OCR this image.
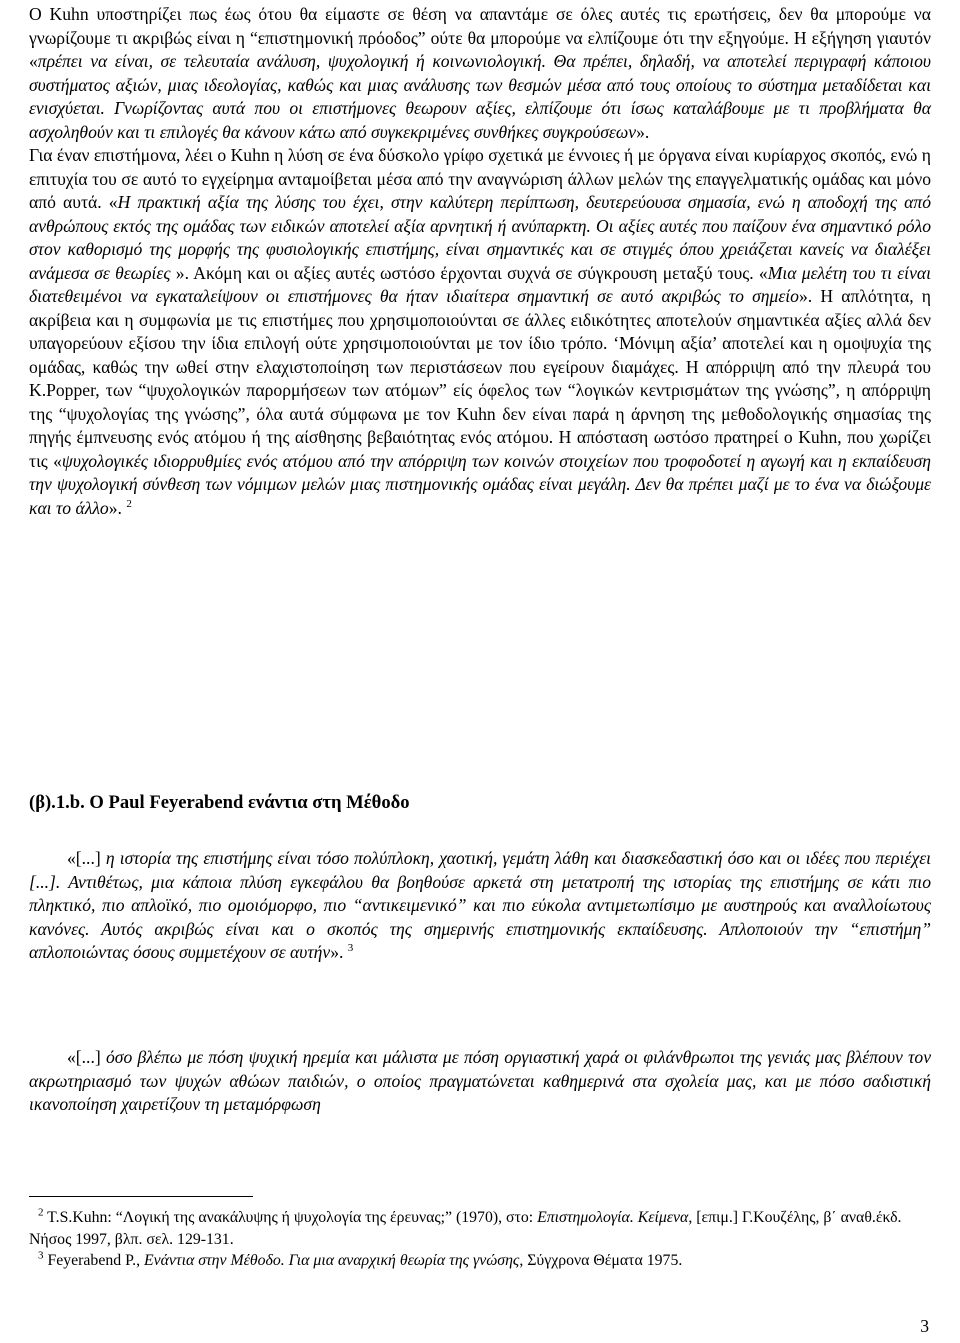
Ο Kuhn υποστηρίζει πως έως ότου θα είμαστε σε θέση να απαντάμε σε όλες αυτές τις ερωτήσεις, δεν θα μπορούμε να γνωρίζουμε τι ακριβώς είναι η “επιστημονική πρόοδος” ούτε θα μπορούμε να ελπίζουμε ότι την εξηγούμε. Η εξήγηση γιαυτόν «πρέπει να είναι, σε τελευταία ανάλυση, ψυχολογική ή κοινωνιολογική. Θα πρέπει, δηλαδή, να αποτελεί περιγραφή κάποιου συστήματος αξιών, μιας ιδεολογίας, καθώς και μιας ανάλυσης των θεσμών μέσα από τους οποίους το σύστημα μεταδίδεται και ενισχύεται. Γνωρίζοντας αυτά που οι επιστήμονες θεωρουν αξίες, ελπίζουμε ότι ίσως καταλάβουμε με τι προβλήματα θα ασχοληθούν και τι επιλογές θα κάνουν κάτω από συγκεκριμένες συνθήκες συγκρούσεων».

Για έναν επιστήμονα, λέει ο Kuhn η λύση σε ένα δύσκολο γρίφο σχετικά με έννοιες ή με όργανα είναι κυρίαρχος σκοπός, ενώ η επιτυχία του σε αυτό το εγχείρημα ανταμοίβεται μέσα από την αναγνώριση άλλων μελών της επαγγελματικής ομάδας και μόνο από αυτά. «Η πρακτική αξία της λύσης του έχει, στην καλύτερη περίπτωση, δευτερεύουσα σημασία, ενώ η αποδοχή της από ανθρώπους εκτός της ομάδας των ειδικών αποτελεί αξία αρνητική ή ανύπαρκτη. Οι αξίες αυτές που παίζουν ένα σημαντικό ρόλο στον καθορισμό της μορφής της φυσιολογικής επιστήμης, είναι σημαντικές και σε στιγμές όπου χρειάζεται κανείς να διαλέξει ανάμεσα σε θεωρίες ». Ακόμη και οι αξίες αυτές ωστόσο έρχονται συχνά σε σύγκρουση μεταξύ τους. «Μια μελέτη του τι είναι διατεθειμένοι να εγκαταλείψουν οι επιστήμονες θα ήταν ιδιαίτερα σημαντική σε αυτό ακριβώς το σημείο». Η απλότητα, η ακρίβεια και η συμφωνία με τις επιστήμες που χρησιμοποιούνται σε άλλες ειδικότητες αποτελούν σημαντικέα αξίες αλλά δεν υπαγορεύουν εξίσου την ίδια επιλογή ούτε χρησιμοποιούνται με τον ίδιο τρόπο. ‘Μόνιμη αξία’ αποτελεί και η ομοψυχία της ομάδας, καθώς την ωθεί στην ελαχιστοποίηση των περιστάσεων που εγείρουν διαμάχες. Η απόρριψη από την πλευρά του K.Popper, των “ψυχολογικών παρορμήσεων των ατόμων” είς όφελος των “λογικών κεντρισμάτων της γνώσης”, η απόρριψη της “ψυχολογίας της γνώσης”, όλα αυτά σύμφωνα με τον Kuhn δεν είναι παρά η άρνηση της μεθοδολογικής σημασίας της πηγής έμπνευσης ενός ατόμου ή της αίσθησης βεβαιότητας ενός ατόμου. Η απόσταση ωστόσο πρατηρεί ο Kuhn, που χωρίζει τις «ψυχολογικές ιδιορρυθμίες ενός ατόμου από την απόρριψη των κοινών στοιχείων που τροφοδοτεί η αγωγή και η εκπαίδευση την ψυχολογική σύνθεση των νόμιμων μελών μιας πιστημονικής ομάδας είναι μεγάλη. Δεν θα πρέπει μαζί με το ένα να διώξουμε και το άλλο». $^2$

(β).1.b. Ο Paul Feyerabend ενάντια στη Μέθοδο

«[...] η ιστορία της επιστήμης είναι τόσο πολύπλοκη, χαοτική, γεμάτη λάθη και διασκεδαστική όσο και οι ιδέες που περιέχει [...]. Αντιθέτως, μια κάποια πλύση εγκεφάλου θα βοηθούσε αρκετά στη μετατροπή της ιστορίας της επιστήμης σε κάτι πιο πληκτικό, πιο απλοϊκό, πιο ομοιόμορφο, πιο “αντικειμενικό” και πιο εύκολα αντιμετωπίσιμο με αυστηρούς και αναλλοίωτους κανόνες. Αυτός ακριβώς είναι και ο σκοπός της σημερινής επιστημονικής εκπαίδευσης. Απλοποιούν την “επιστήμη” απλοποιώντας όσους συμμετέχουν σε αυτήν». $^3$

«[...] όσο βλέπω με πόση ψυχική ηρεμία και μάλιστα με πόση οργιαστική χαρά οι φιλάνθρωποι της γενιάς μας βλέπουν τον ακρωτηριασμό των ψυχών αθώων παιδιών, ο οποίος πραγματώνεται καθημερινά στα σχολεία μας, και με πόσο σαδιστική ικανοποίηση χαιρετίζουν τη μεταμόρφωση

$^2$ T.S.Kuhn: “Λογική της ανακάλυψης ή ψυχολογία της έρευνας;” (1970), στο: Επιστημολογία. Κείμενα, [επιμ.] Γ.Κουζέλης, β΄ αναθ.έκδ. Νήσος 1997, βλπ. σελ. 129-131.

$^3$ Feyerabend P., Ενάντια στην Μέθοδο. Για μια αναρχική θεωρία της γνώσης, Σύγχρονα Θέματα 1975.

3
